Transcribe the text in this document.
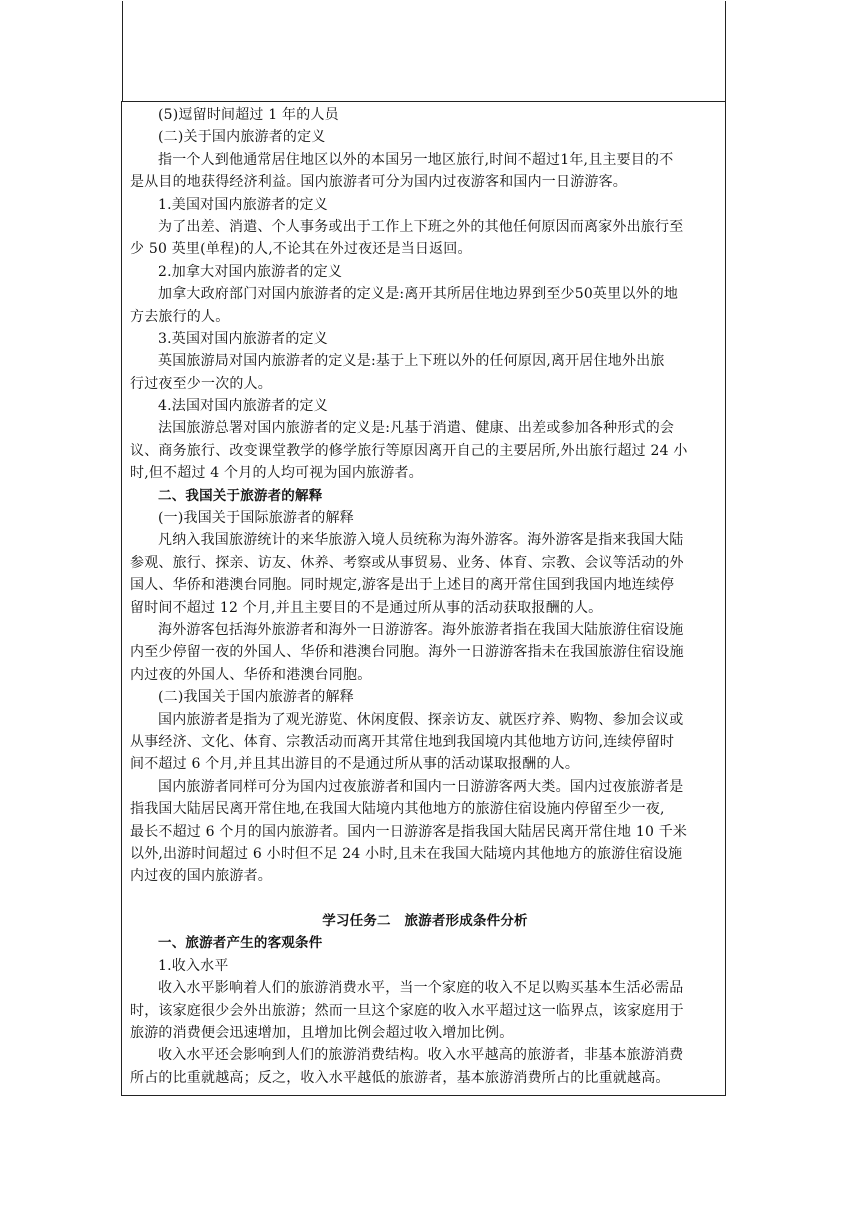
(5)逗留时间超过 1 年的人员
(二)关于国内旅游者的定义
指一个人到他通常居住地区以外的本国另一地区旅行,时间不超过1年,且主要目的不
是从目的地获得经济利益。国内旅游者可分为国内过夜游客和国内一日游游客。
1.美国对国内旅游者的定义
为了出差、消遣、个人事务或出于工作上下班之外的其他任何原因而离家外出旅行至
少 50 英里(单程)的人,不论其在外过夜还是当日返回。
2.加拿大对国内旅游者的定义
加拿大政府部门对国内旅游者的定义是:离开其所居住地边界到至少50英里以外的地
方去旅行的人。
3.英国对国内旅游者的定义
英国旅游局对国内旅游者的定义是:基于上下班以外的任何原因,离开居住地外出旅
行过夜至少一次的人。
4.法国对国内旅游者的定义
法国旅游总署对国内旅游者的定义是:凡基于消遣、健康、出差或参加各种形式的会
议、商务旅行、改变课堂教学的修学旅行等原因离开自己的主要居所,外出旅行超过 24 小
时,但不超过 4 个月的人均可视为国内旅游者。
二、我国关于旅游者的解释
(一)我国关于国际旅游者的解释
凡纳入我国旅游统计的来华旅游入境人员统称为海外游客。海外游客是指来我国大陆
参观、旅行、探亲、访友、休养、考察或从事贸易、业务、体育、宗教、会议等活动的外
国人、华侨和港澳台同胞。同时规定,游客是出于上述目的离开常住国到我国内地连续停
留时间不超过 12 个月,并且主要目的不是通过所从事的活动获取报酬的人。
海外游客包括海外旅游者和海外一日游游客。海外旅游者指在我国大陆旅游住宿设施
内至少停留一夜的外国人、华侨和港澳台同胞。海外一日游游客指未在我国旅游住宿设施
内过夜的外国人、华侨和港澳台同胞。
(二)我国关于国内旅游者的解释
国内旅游者是指为了观光游览、休闲度假、探亲访友、就医疗养、购物、参加会议或
从事经济、文化、体育、宗教活动而离开其常住地到我国境内其他地方访问,连续停留时
间不超过 6 个月,并且其出游目的不是通过所从事的活动谋取报酬的人。
国内旅游者同样可分为国内过夜旅游者和国内一日游游客两大类。国内过夜旅游者是
指我国大陆居民离开常住地,在我国大陆境内其他地方的旅游住宿设施内停留至少一夜,
最长不超过 6 个月的国内旅游者。国内一日游游客是指我国大陆居民离开常住地 10 千米
以外,出游时间超过 6 小时但不足 24 小时,且未在我国大陆境内其他地方的旅游住宿设施
内过夜的国内旅游者。
学习任务二　旅游者形成条件分析
一、旅游者产生的客观条件
1.收入水平
收入水平影响着人们的旅游消费水平，当一个家庭的收入不足以购买基本生活必需品
时，该家庭很少会外出旅游；然而一旦这个家庭的收入水平超过这一临界点，该家庭用于
旅游的消费便会迅速增加，且增加比例会超过收入增加比例。
收入水平还会影响到人们的旅游消费结构。收入水平越高的旅游者，非基本旅游消费
所占的比重就越高；反之，收入水平越低的旅游者，基本旅游消费所占的比重就越高。
